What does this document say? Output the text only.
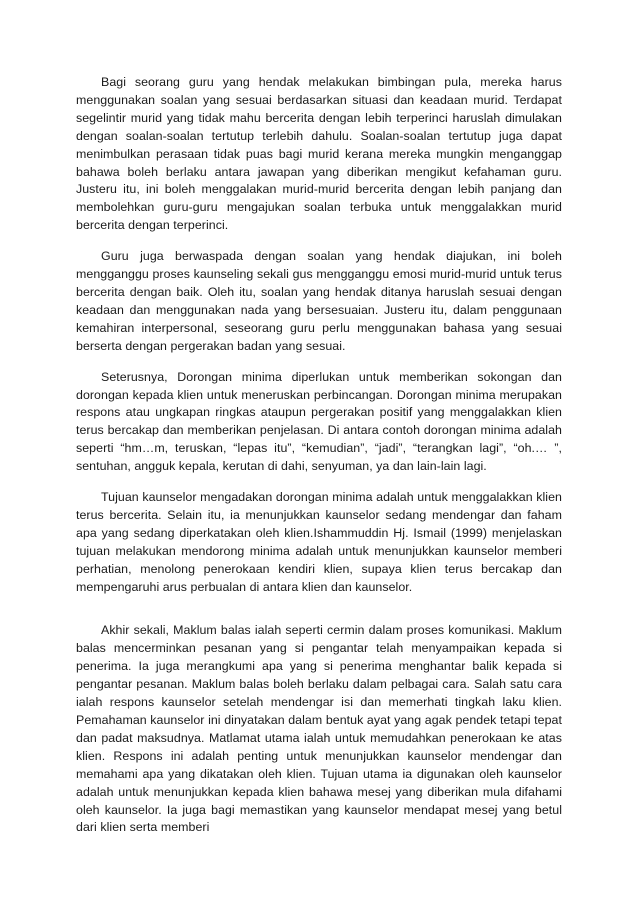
Bagi seorang guru yang hendak melakukan bimbingan pula, mereka harus menggunakan soalan yang sesuai berdasarkan situasi dan keadaan murid. Terdapat segelintir murid yang tidak mahu bercerita dengan lebih terperinci haruslah dimulakan dengan soalan-soalan tertutup terlebih dahulu. Soalan-soalan tertutup juga dapat menimbulkan perasaan tidak puas bagi murid kerana mereka mungkin menganggap bahawa boleh berlaku antara jawapan yang diberikan mengikut kefahaman guru. Justeru itu, ini boleh menggalakan murid-murid bercerita dengan lebih panjang dan membolehkan guru-guru mengajukan soalan terbuka untuk menggalakkan murid bercerita dengan terperinci.

Guru juga berwaspada dengan soalan yang hendak diajukan, ini boleh mengganggu proses kaunseling sekali gus mengganggu emosi murid-murid untuk terus bercerita dengan baik. Oleh itu, soalan yang hendak ditanya haruslah sesuai dengan keadaan dan menggunakan nada yang bersesuaian. Justeru itu, dalam penggunaan kemahiran interpersonal, seseorang guru perlu menggunakan bahasa yang sesuai berserta dengan pergerakan badan yang sesuai.

Seterusnya, Dorongan minima diperlukan untuk memberikan sokongan dan dorongan kepada klien untuk meneruskan perbincangan. Dorongan minima merupakan respons atau ungkapan ringkas ataupun pergerakan positif yang menggalakkan klien terus bercakap dan memberikan penjelasan. Di antara contoh dorongan minima adalah seperti “hm…m, teruskan, “lepas itu”, “kemudian”, “jadi”, “terangkan lagi”, “oh.… ”, sentuhan, angguk kepala, kerutan di dahi, senyuman, ya dan lain-lain lagi.

Tujuan kaunselor mengadakan dorongan minima adalah untuk menggalakkan klien terus bercerita. Selain itu, ia menunjukkan kaunselor sedang mendengar dan faham apa yang sedang diperkatakan oleh klien.Ishammuddin Hj. Ismail (1999) menjelaskan tujuan melakukan mendorong minima adalah untuk menunjukkan kaunselor memberi perhatian, menolong penerokaan kendiri klien, supaya klien terus bercakap dan mempengaruhi arus perbualan di antara klien dan kaunselor.

Akhir sekali, Maklum balas ialah seperti cermin dalam proses komunikasi. Maklum balas mencerminkan pesanan yang si pengantar telah menyampaikan kepada si penerima. Ia juga merangkumi apa yang si penerima menghantar balik kepada si pengantar pesanan. Maklum balas boleh berlaku dalam pelbagai cara. Salah satu cara ialah respons kaunselor setelah mendengar isi dan memerhati tingkah laku klien. Pemahaman kaunselor ini dinyatakan dalam bentuk ayat yang agak pendek tetapi tepat dan padat maksudnya. Matlamat utama ialah untuk memudahkan penerokaan ke atas klien. Respons ini adalah penting untuk menunjukkan kaunselor mendengar dan memahami apa yang dikatakan oleh klien. Tujuan utama ia digunakan oleh kaunselor adalah untuk menunjukkan kepada klien bahawa mesej yang diberikan mula difahami oleh kaunselor. Ia juga bagi memastikan yang kaunselor mendapat mesej yang betul dari klien serta memberi
